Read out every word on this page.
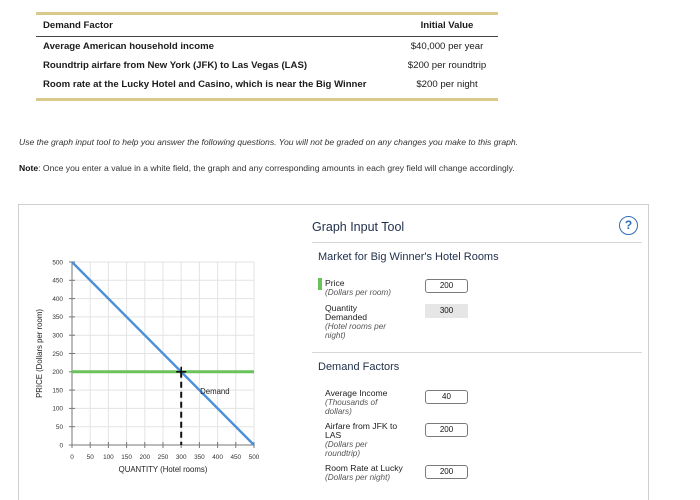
Demand Factor	Initial Value
Average American household income	$40,000 per year
Roundtrip airfare from New York (JFK) to Las Vegas (LAS)	$200 per roundtrip
Room rate at the Lucky Hotel and Casino, which is near the Big Winner	$200 per night
Use the graph input tool to help you answer the following questions. You will not be graded on any changes you make to this graph.
Note: Once you enter a value in a white field, the graph and any corresponding amounts in each grey field will change accordingly.
0 50 100 150 200 250 300 350 400 450 500
0
50
100
150
200
250
300
350
400
450
500
QUANTITY (Hotel rooms)
PRICE (Dollars per room)	Demand
Graph Input Tool	?
Market for Big Winner's Hotel Rooms
Price
(Dollars per room)
200
Quantity
Demanded
(Hotel rooms per
night)
300
Demand Factors
Average Income
(Thousands of
dollars)
40
Airfare from JFK to
LAS
(Dollars per
roundtrip)
200
Room Rate at Lucky
(Dollars per night)
200
